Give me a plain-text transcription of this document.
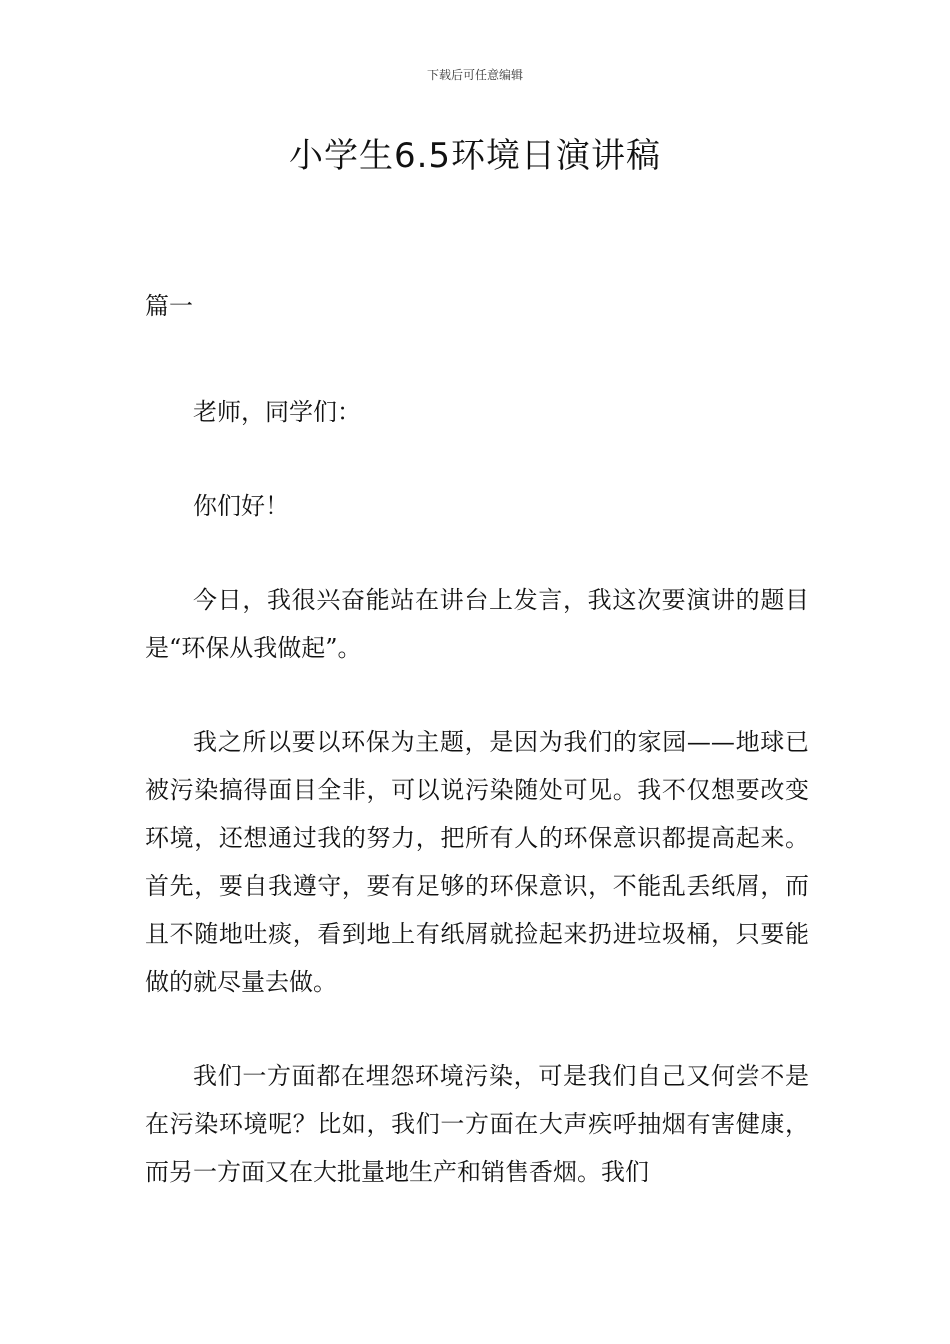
下载后可任意编辑
小学生6.5环境日演讲稿

篇一

老师，同学们：

你们好！

今日，我很兴奋能站在讲台上发言，我这次要演讲的题目是“环保从我做起”。

我之所以要以环保为主题，是因为我们的家园——地球已被污染搞得面目全非，可以说污染随处可见。我不仅想要改变环境，还想通过我的努力，把所有人的环保意识都提高起来。首先，要自我遵守，要有足够的环保意识，不能乱丢纸屑，而且不随地吐痰，看到地上有纸屑就捡起来扔进垃圾桶，只要能做的就尽量去做。

我们一方面都在埋怨环境污染，可是我们自己又何尝不是在污染环境呢？比如，我们一方面在大声疾呼抽烟有害健康，而另一方面又在大批量地生产和销售香烟。我们
